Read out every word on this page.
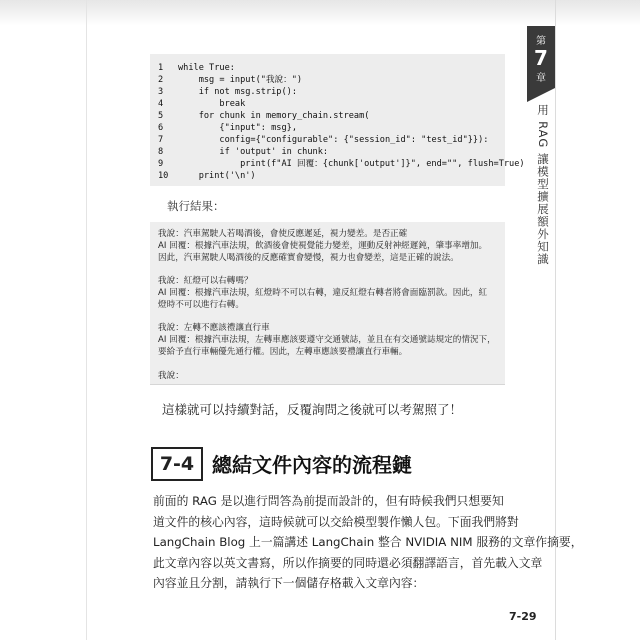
第
7
章
用 RAG 讓模型擴展額外知識
1 while True:
2    msg = input("我說：")
3    if not msg.strip():
4        break
5    for chunk in memory_chain.stream(
6        {"input": msg},
7        config={"configurable": {"session_id": "test_id"}}):
8        if 'output' in chunk:
9            print(f"AI 回覆：{chunk['output']}", end="", flush=True)
10    print('\n')
執行結果：
我說：汽車駕駛人若喝酒後，會使反應遲延，視力變差。是否正確
AI 回覆：根據汽車法規，飲酒後會使視覺能力變差，運動反射神經遲鈍，肇事率增加。
因此，汽車駕駛人喝酒後的反應確實會變慢，視力也會變差，這是正確的說法。
我說：紅燈可以右轉嗎？
AI 回覆：根據汽車法規，紅燈時不可以右轉，違反紅燈右轉者將會面臨罰款。因此，紅
燈時不可以進行右轉。
我說：左轉不應該禮讓直行車
AI 回覆：根據汽車法規，左轉車應該要遵守交通號誌，並且在有交通號誌規定的情況下，
要給予直行車輛優先通行權。因此，左轉車應該要禮讓直行車輛。
我說：
這樣就可以持續對話，反覆詢問之後就可以考駕照了！
7-4 總結文件內容的流程鏈
前面的 RAG 是以進行問答為前提而設計的，但有時候我們只想要知
道文件的核心內容，這時候就可以交給模型製作懶人包。下面我們將對
LangChain Blog 上一篇講述 LangChain 整合 NVIDIA NIM 服務的文章作摘要，
此文章內容以英文書寫，所以作摘要的同時還必須翻譯語言，首先載入文章
內容並且分割，請執行下一個儲存格載入文章內容：
7-29
